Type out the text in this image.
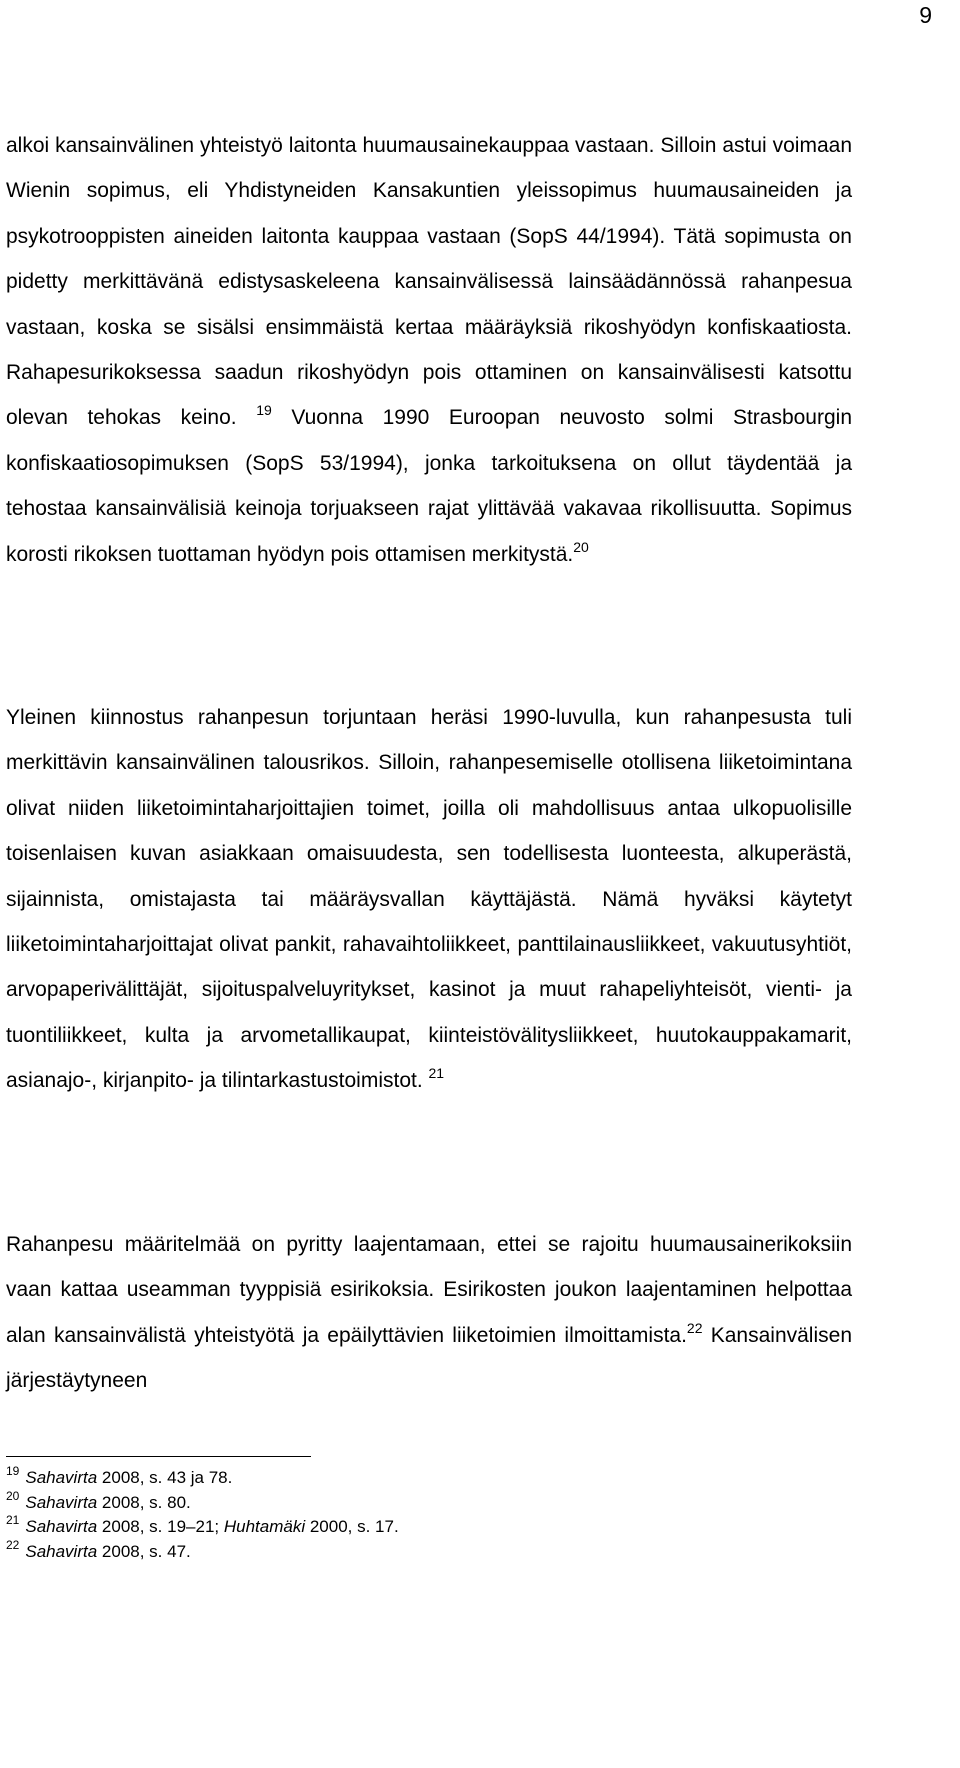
9

alkoi kansainvälinen yhteistyö laitonta huumausainekauppaa vastaan. Silloin astui voimaan Wienin sopimus, eli Yhdistyneiden Kansakuntien yleissopimus huumausaineiden ja psykotrooppisten aineiden laitonta kauppaa vastaan (SopS 44/1994). Tätä sopimusta on pidetty merkittävänä edistysaskeleena kansainvälisessä lainsäädännössä rahanpesua vastaan, koska se sisälsi ensimmäistä kertaa määräyksiä rikoshyödyn konfiskaatiosta. Rahapesurikoksessa saadun rikoshyödyn pois ottaminen on kansainvälisesti katsottu olevan tehokas keino. $^{19}$ Vuonna 1990 Euroopan neuvosto solmi Strasbourgin konfiskaatiosopimuksen (SopS 53/1994), jonka tarkoituksena on ollut täydentää ja tehostaa kansainvälisiä keinoja torjuakseen rajat ylittävää vakavaa rikollisuutta. Sopimus korosti rikoksen tuottaman hyödyn pois ottamisen merkitystä.$^{20}$

Yleinen kiinnostus rahanpesun torjuntaan heräsi 1990-luvulla, kun rahanpesusta tuli merkittävin kansainvälinen talousrikos. Silloin, rahanpesemiselle otollisena liiketoimintana olivat niiden liiketoimintaharjoittajien toimet, joilla oli mahdollisuus antaa ulkopuolisille toisenlaisen kuvan asiakkaan omaisuudesta, sen todellisesta luonteesta, alkuperästä, sijainnista, omistajasta tai määräysvallan käyttäjästä. Nämä hyväksi käytetyt liiketoimintaharjoittajat olivat pankit, rahavaihtoliikkeet, panttilainausliikkeet, vakuutusyhtiöt, arvopaperivälittäjät, sijoituspalveluyritykset, kasinot ja muut rahapeliyhteisöt, vienti- ja tuontiliikkeet, kulta ja arvometallikaupat, kiinteistövälitysliikkeet, huutokauppakamarit, asianajo-, kirjanpito- ja tilintarkastustoimistot. $^{21}$

Rahanpesu määritelmää on pyritty laajentamaan, ettei se rajoitu huumausainerikoksiin vaan kattaa useamman tyyppisiä esirikoksia. Esirikosten joukon laajentaminen helpottaa alan kansainvälistä yhteistyötä ja epäilyttävien liiketoimien ilmoittamista.$^{22}$ Kansainvälisen järjestäytyneen

$^{19}$ Sahavirta 2008, s. 43 ja 78.
$^{20}$ Sahavirta 2008, s. 80.
$^{21}$ Sahavirta 2008, s. 19–21; Huhtamäki 2000, s. 17.
$^{22}$ Sahavirta 2008, s. 47.
